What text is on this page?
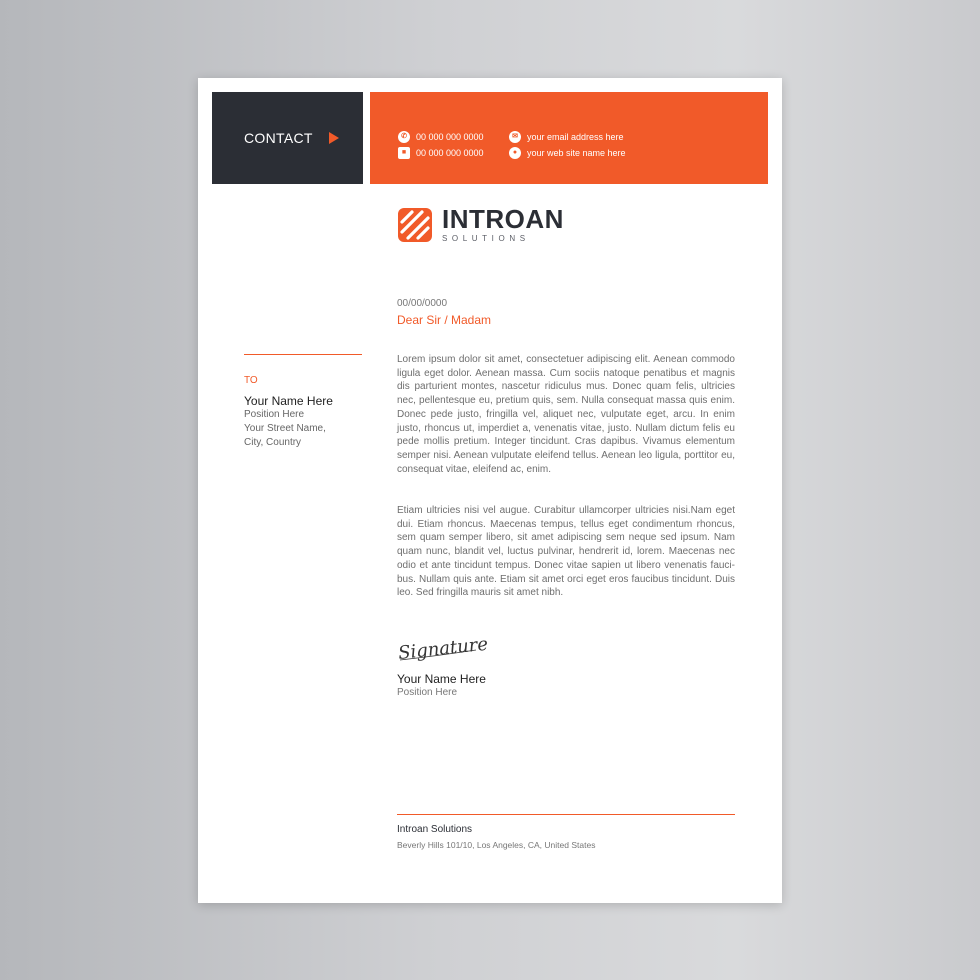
CONTACT	✆	00 000 000 0000
■	00 000 000 0000
✉	your email address here
●	your web site name here
INTROAN
SOLUTIONS
TO
Your Name Here
Position Here
Your Street Name,
City, Country
00/00/0000
Dear Sir / Madam
Lorem ipsum dolor sit amet, consectetuer adipiscing elit. Aenean commodo ligula eget dolor. Aenean massa. Cum sociis natoque penatibus et magnis dis parturient montes, nascetur ridiculus mus. Donec quam felis, ultricies nec, pellentesque eu, pretium quis, sem. Nulla consequat massa quis enim. Donec pede justo, fringilla vel, aliquet nec, vulputate eget, arcu. In enim justo, rhoncus ut, imperdiet a, venenatis vitae, justo. Nullam dictum felis eu pede mollis pretium. Integer tincidunt. Cras dapibus. Vivamus elementum semper nisi. Aenean vulputate eleifend tellus. Aenean leo ligula, porttitor eu, consequat vitae, eleifend ac, enim.
Etiam ultricies nisi vel augue. Curabitur ullamcorper ultricies nisi.Nam eget dui. Etiam rhoncus. Maecenas tempus, tellus eget condimentum rhoncus, sem quam semper libero, sit amet adipiscing sem neque sed ipsum. Nam quam nunc, blandit vel, luctus pulvinar, hendrerit id, lorem. Maecenas nec odio et ante tincidunt tempus. Donec vitae sapien ut libero venenatis fauci-bus. Nullam quis ante. Etiam sit amet orci eget eros faucibus tincidunt. Duis leo. Sed fringilla mauris sit amet nibh.
Signature
Your Name Here
Position Here
Introan Solutions
Beverly Hills 101/10, Los Angeles, CA, United States
